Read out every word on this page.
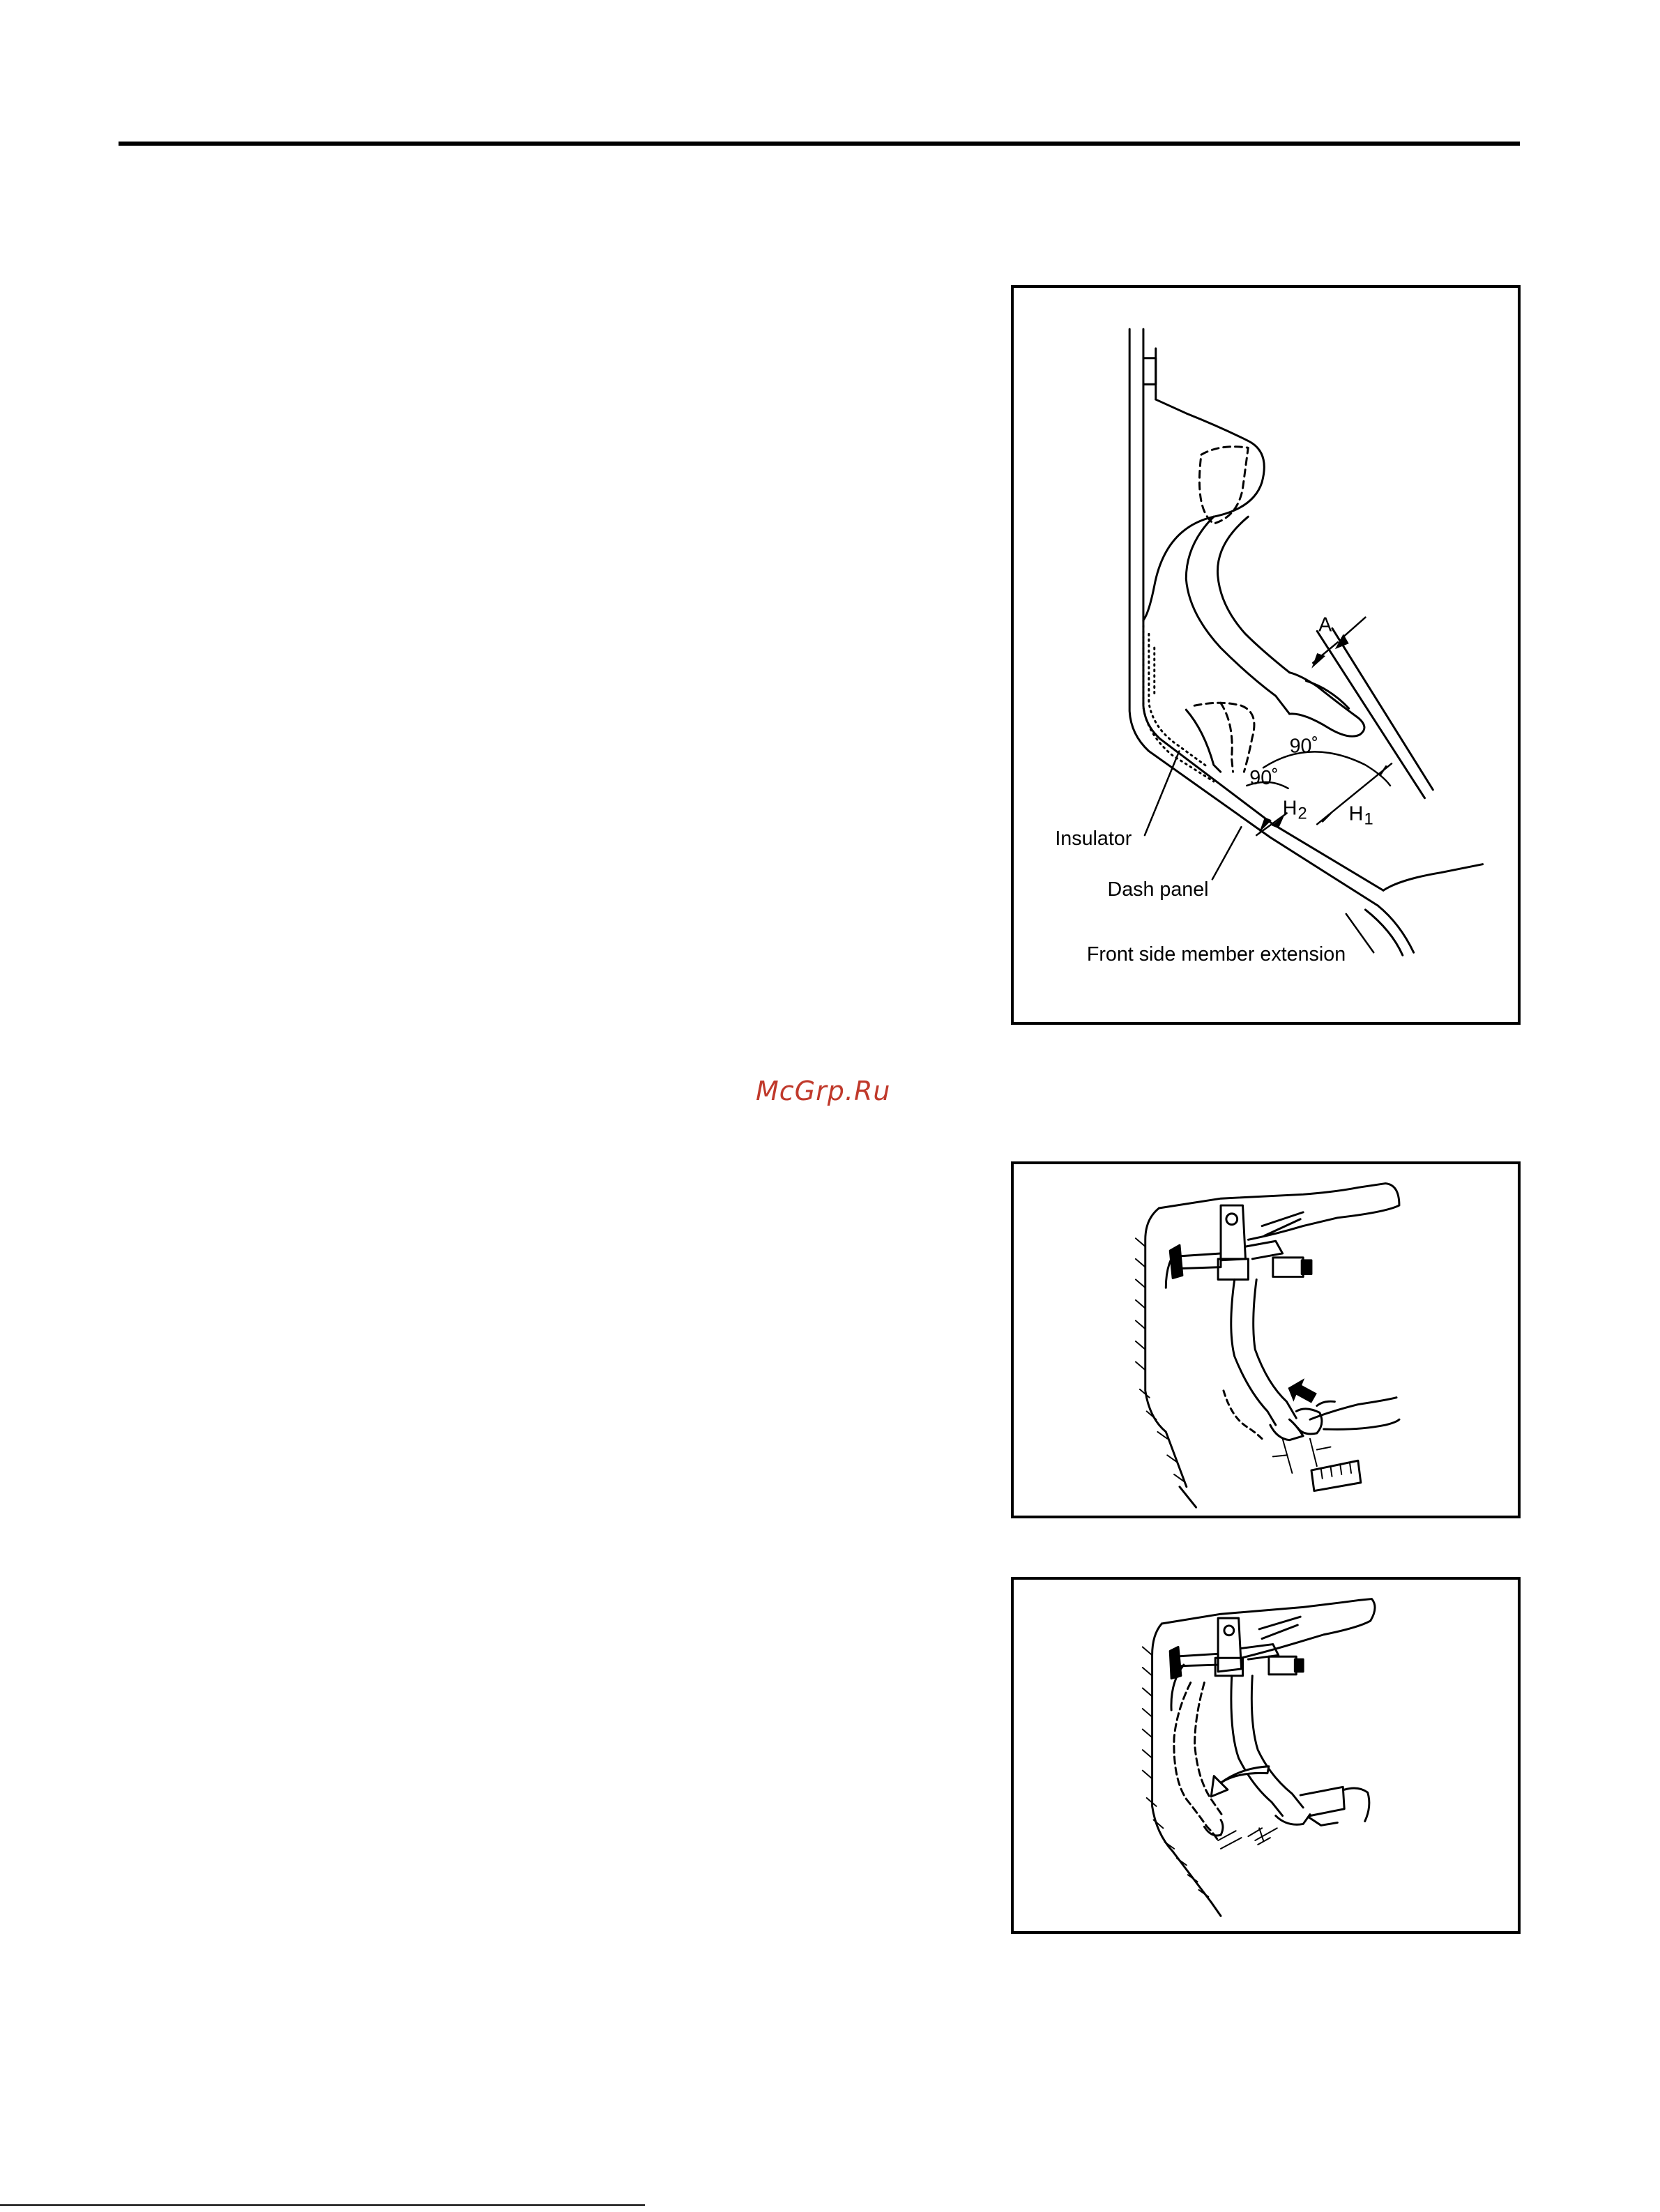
A
90˚
90˚
H 1
H 2
Insulator
Dash panel
Front side member extension
McGrp.Ru
